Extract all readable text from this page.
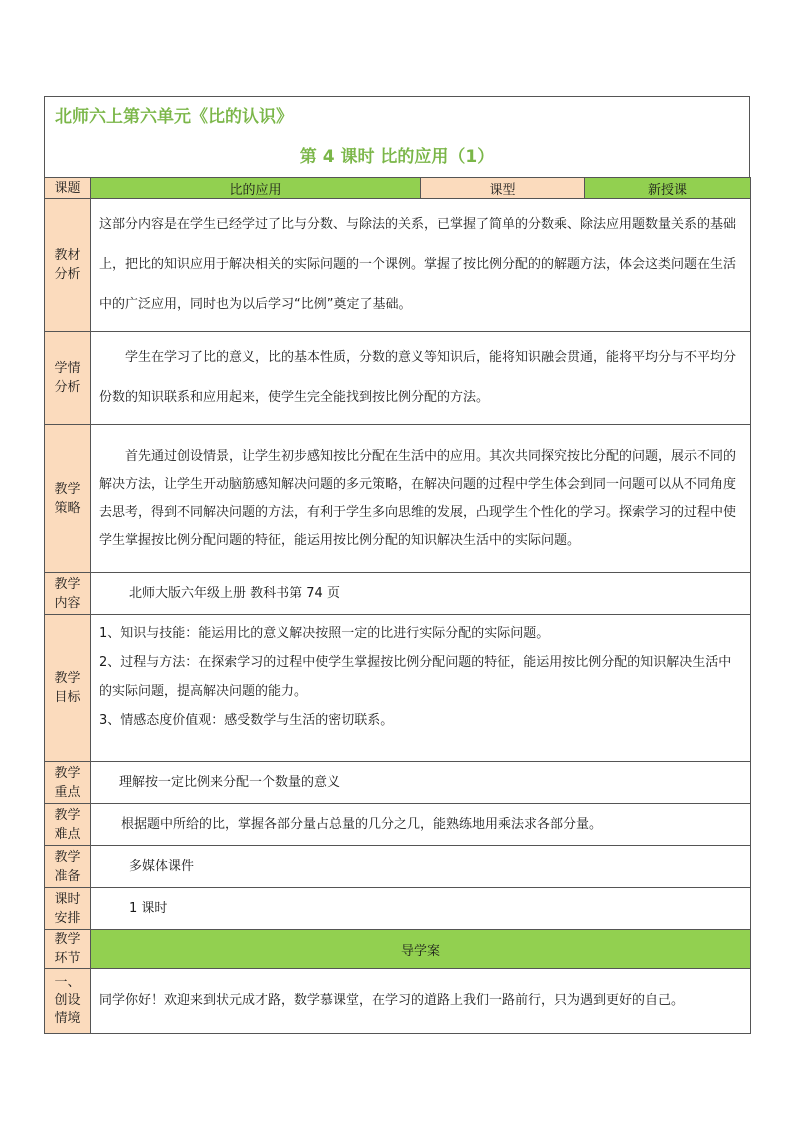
北师六上第六单元《比的认识》
第 4 课时 比的应用（1）
课题	比的应用	课型	新授课
教材分析	这部分内容是在学生已经学过了比与分数、与除法的关系，已掌握了简单的分数乘、除法应用题数量关系的基础上，把比的知识应用于解决相关的实际问题的一个课例。掌握了按比例分配的的解题方法，体会这类问题在生活中的广泛应用，同时也为以后学习“比例”奠定了基础。		
学情分析	学生在学习了比的意义，比的基本性质，分数的意义等知识后，能将知识融会贯通，能将平均分与不平均分份数的知识联系和应用起来，使学生完全能找到按比例分配的方法。		
教学策略	首先通过创设情景，让学生初步感知按比分配在生活中的应用。其次共同探究按比分配的问题，展示不同的解决方法，让学生开动脑筋感知解决问题的多元策略，在解决问题的过程中学生体会到同一问题可以从不同角度去思考，得到不同解决问题的方法，有利于学生多向思维的发展，凸现学生个性化的学习。探索学习的过程中使学生掌握按比例分配问题的特征，能运用按比例分配的知识解决生活中的实际问题。		
教学内容	北师大版六年级上册 教科书第 74 页		
教学目标	1、知识与技能：能运用比的意义解决按照一定的比进行实际分配的实际问题。

2、过程与方法：在探索学习的过程中使学生掌握按比例分配问题的特征，能运用按比例分配的知识解决生活中的实际问题，提高解决问题的能力。

3、情感态度价值观：感受数学与生活的密切联系。		

教学重点	理解按一定比例来分配一个数量的意义		
教学难点	根据题中所给的比，掌握各部分量占总量的几分之几，能熟练地用乘法求各部分量。		
教学准备	多媒体课件		
课时安排	1 课时		
教学环节	导学案		
一、创设情境	同学你好！欢迎来到状元成才路，数学慕课堂，在学习的道路上我们一路前行，只为遇到更好的自己。		
